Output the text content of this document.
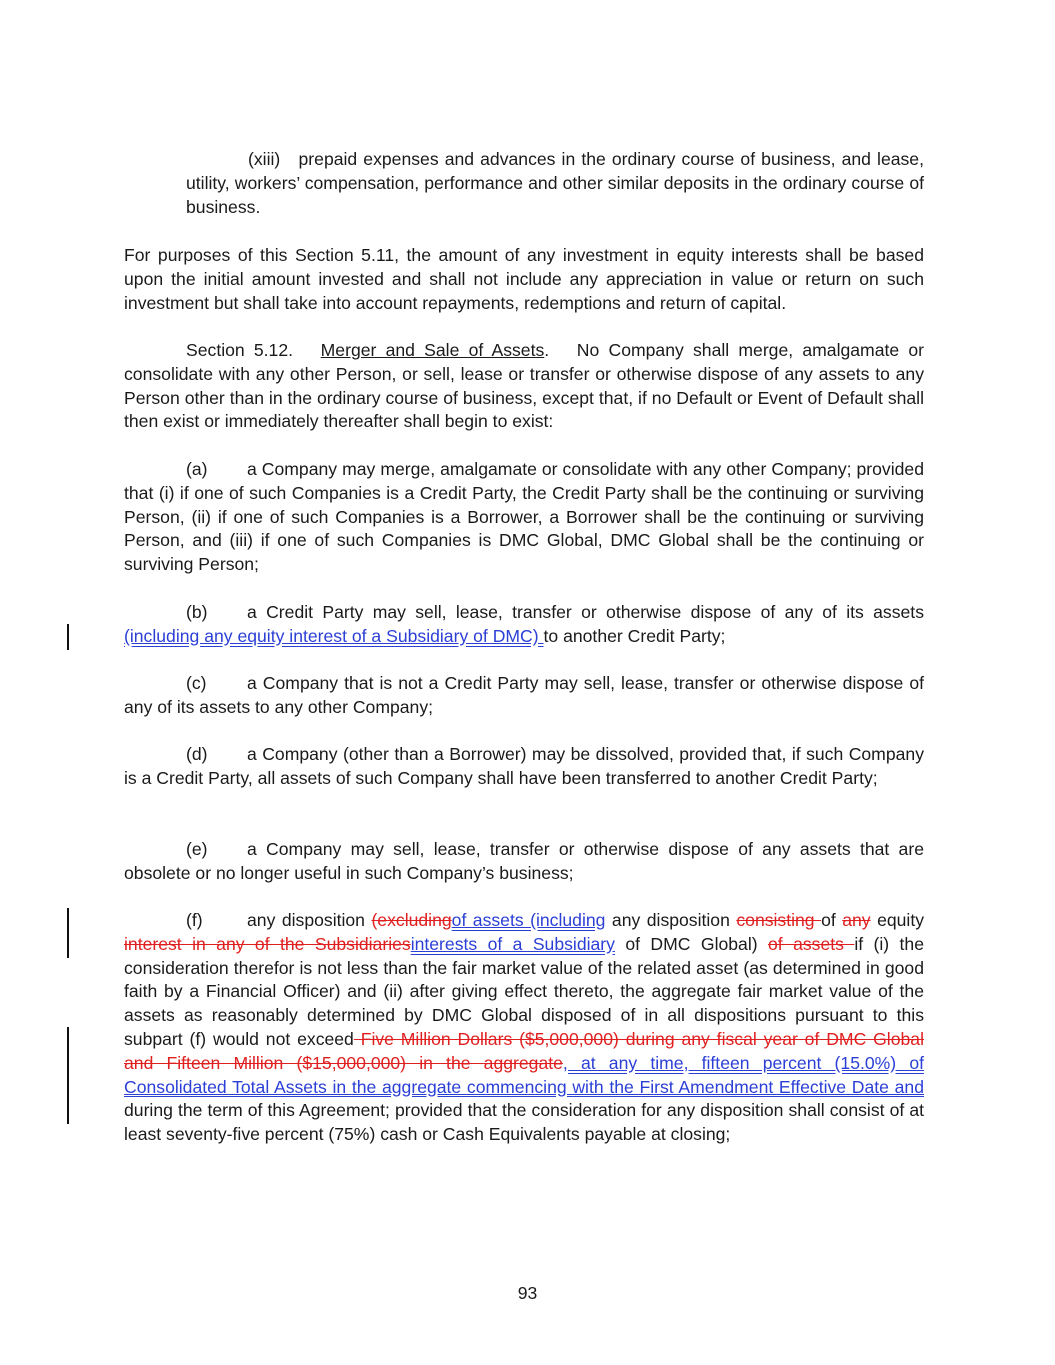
(xiii) prepaid expenses and advances in the ordinary course of business, and lease, utility, workers’ compensation, performance and other similar deposits in the ordinary course of business.
For purposes of this Section 5.11, the amount of any investment in equity interests shall be based upon the initial amount invested and shall not include any appreciation in value or return on such investment but shall take into account repayments, redemptions and return of capital.
Section 5.12. Merger and Sale of Assets. No Company shall merge, amalgamate or consolidate with any other Person, or sell, lease or transfer or otherwise dispose of any assets to any Person other than in the ordinary course of business, except that, if no Default or Event of Default shall then exist or immediately thereafter shall begin to exist:
(a) a Company may merge, amalgamate or consolidate with any other Company; provided that (i) if one of such Companies is a Credit Party, the Credit Party shall be the continuing or surviving Person, (ii) if one of such Companies is a Borrower, a Borrower shall be the continuing or surviving Person, and (iii) if one of such Companies is DMC Global, DMC Global shall be the continuing or surviving Person;
(b) a Credit Party may sell, lease, transfer or otherwise dispose of any of its assets (including any equity interest of a Subsidiary of DMC) to another Credit Party;
(c) a Company that is not a Credit Party may sell, lease, transfer or otherwise dispose of any of its assets to any other Company;
(d) a Company (other than a Borrower) may be dissolved, provided that, if such Company is a Credit Party, all assets of such Company shall have been transferred to another Credit Party;
(e) a Company may sell, lease, transfer or otherwise dispose of any assets that are obsolete or no longer useful in such Company’s business;
(f)	any disposition (excludingof assets (including any disposition consisting of any equity interest in any of the Subsidiariesinterests of a Subsidiary of DMC Global) of assets if (i) the consideration therefor is not less than the fair market value of the related asset (as determined in good faith by a Financial Officer) and (ii) after giving effect thereto, the aggregate fair market value of the assets as reasonably determined by DMC Global disposed of in all dispositions pursuant to this subpart (f) would not exceed Five Million Dollars ($5,000,000) during any fiscal year of DMC Global and Fifteen Million ($15,000,000) in the aggregate, at any time, fifteen percent (15.0%) of Consolidated Total Assets in the aggregate commencing with the First Amendment Effective Date and during the term of this Agreement; provided that the consideration for any disposition shall consist of at least seventy-five percent (75%) cash or Cash Equivalents payable at closing;
93
